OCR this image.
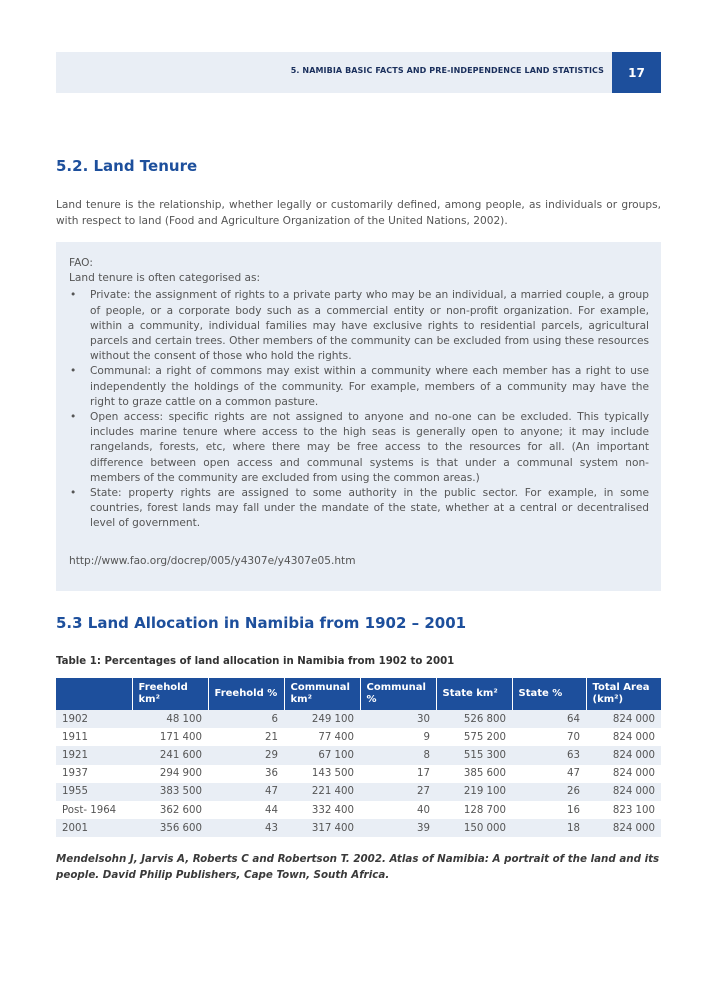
5. NAMIBIA BASIC FACTS AND PRE-INDEPENDENCE LAND STATISTICS	17
5.2. Land Tenure

Land tenure is the relationship, whether legally or customarily defined, among people, as individuals or groups, with respect to land (Food and Agriculture Organization of the United Nations, 2002).

FAO:
Land tenure is often categorised as:
• Private: the assignment of rights to a private party who may be an individual, a married couple, a group of people, or a corporate body such as a commercial entity or non-profit organization. For example, within a community, individual families may have exclusive rights to residential parcels, agricultural parcels and certain trees. Other members of the community can be excluded from using these resources without the consent of those who hold the rights.
• Communal: a right of commons may exist within a community where each member has a right to use independently the holdings of the community. For example, members of a community may have the right to graze cattle on a common pasture.
• Open access: specific rights are not assigned to anyone and no-one can be excluded. This typically includes marine tenure where access to the high seas is generally open to anyone; it may include rangelands, forests, etc, where there may be free access to the resources for all. (An important difference between open access and communal systems is that under a communal system non-members of the community are excluded from using the common areas.)
• State: property rights are assigned to some authority in the public sector. For example, in some countries, forest lands may fall under the mandate of the state, whether at a central or decentralised level of government.
http://www.fao.org/docrep/005/y4307e/y4307e05.htm
5.3 Land Allocation in Namibia from 1902 – 2001
Table 1: Percentages of land allocation in Namibia from 1902 to 2001
	Freehold km²	Freehold %	Communal km²	Communal %	State km²	State %	Total Area (km²)
1902	48 100	6	249 100	30	526 800	64	824 000
1911	171 400	21	77 400	9	575 200	70	824 000
1921	241 600	29	67 100	8	515 300	63	824 000
1937	294 900	36	143 500	17	385 600	47	824 000
1955	383 500	47	221 400	27	219 100	26	824 000
Post- 1964	362 600	44	332 400	40	128 700	16	823 100
2001	356 600	43	317 400	39	150 000	18	824 000

Mendelsohn J, Jarvis A, Roberts C and Robertson T. 2002. Atlas of Namibia: A portrait of the land and its people. David Philip Publishers, Cape Town, South Africa.
